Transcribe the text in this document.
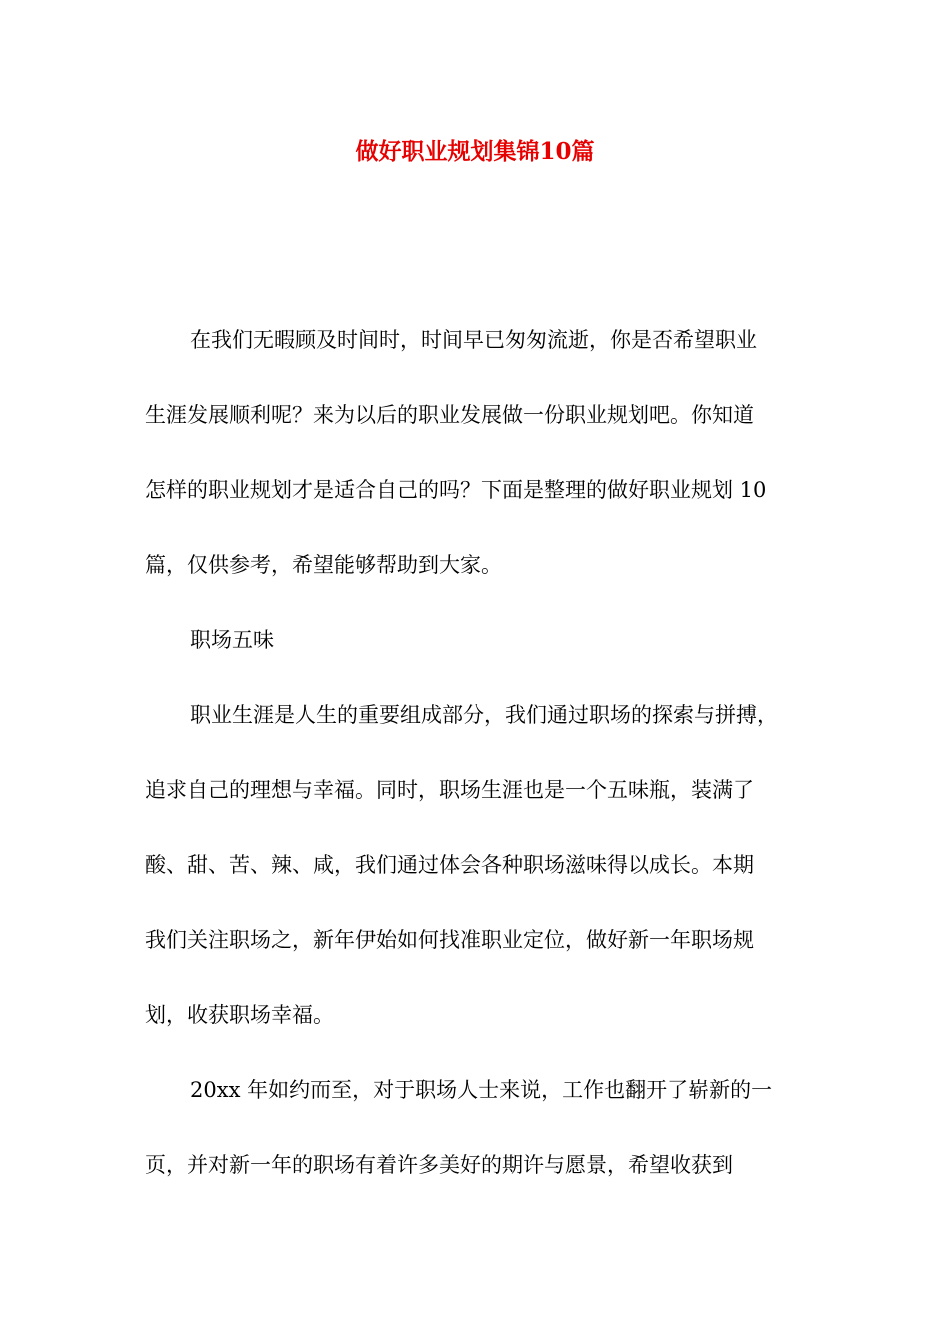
做好职业规划集锦10篇
在我们无暇顾及时间时，时间早已匆匆流逝，你是否希望职业
生涯发展顺利呢？来为以后的职业发展做一份职业规划吧。你知道
怎样的职业规划才是适合自己的吗？下面是整理的做好职业规划 10
篇，仅供参考，希望能够帮助到大家。
职场五味
职业生涯是人生的重要组成部分，我们通过职场的探索与拼搏，
追求自己的理想与幸福。同时，职场生涯也是一个五味瓶，装满了
酸、甜、苦、辣、咸，我们通过体会各种职场滋味得以成长。本期
我们关注职场之，新年伊始如何找准职业定位，做好新一年职场规
划，收获职场幸福。
20xx 年如约而至，对于职场人士来说，工作也翻开了崭新的一
页，并对新一年的职场有着许多美好的期许与愿景，希望收获到
